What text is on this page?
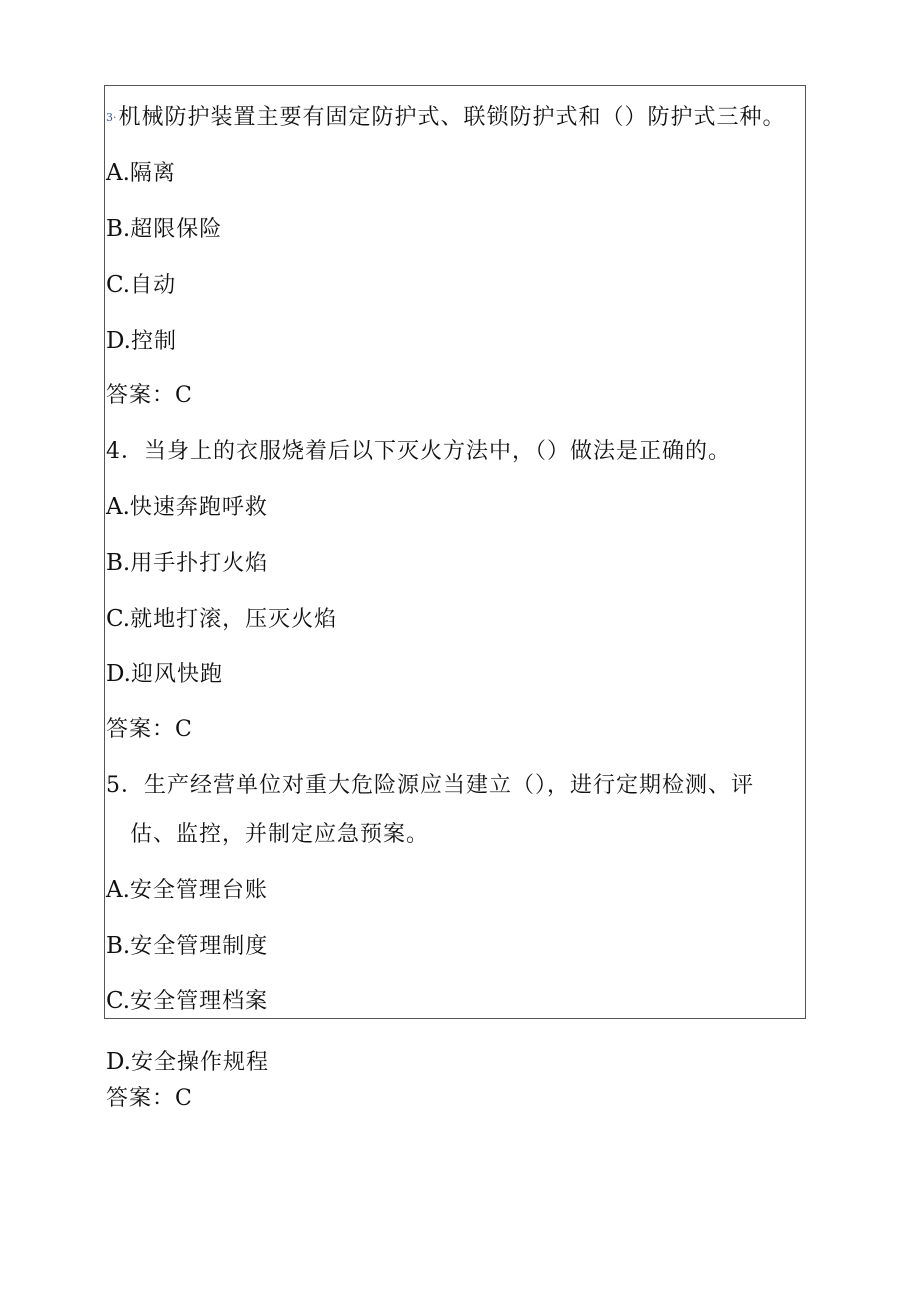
3·机械防护装置主要有固定防护式、联锁防护式和（）防护式三种。
A.隔离
B.超限保险
C.自动
D.控制
答案：C
4．当身上的衣服烧着后以下灭火方法中，（）做法是正确的。
A.快速奔跑呼救
B.用手扑打火焰
C.就地打滚，压灭火焰
D.迎风快跑
答案：C
5．生产经营单位对重大危险源应当建立（），进行定期检测、评
估、监控，并制定应急预案。
A.安全管理台账
B.安全管理制度
C.安全管理档案
D.安全操作规程
答案：C
